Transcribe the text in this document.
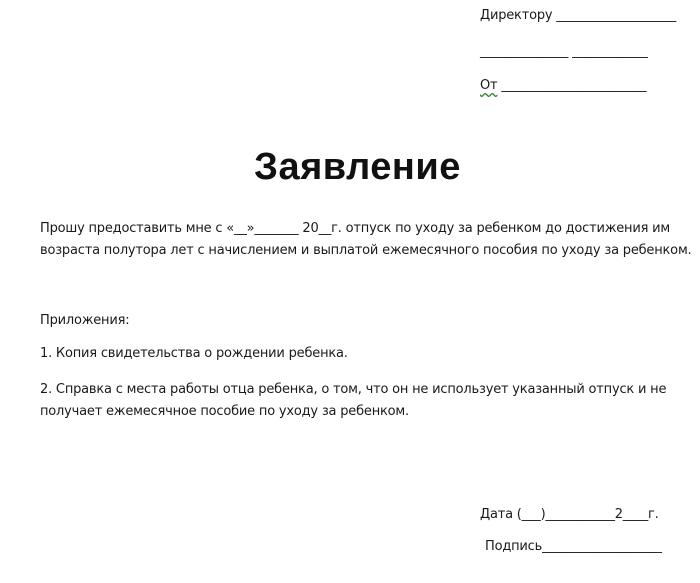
Директору ___________________
______________ ____________
От _______________________
Заявление
Прошу предоставить мне с «__»_______ 20__г. отпуск по уходу за ребенком до достижения им
возраста полутора лет с начислением и выплатой ежемесячного пособия по уходу за ребенком.
Приложения:
1. Копия свидетельства о рождении ребенка.
2. Справка с места работы отца ребенка, о том, что он не использует указанный отпуск и не
получает ежемесячное пособие по уходу за ребенком.
Дата (___)___________2____г.
Подпись___________________
